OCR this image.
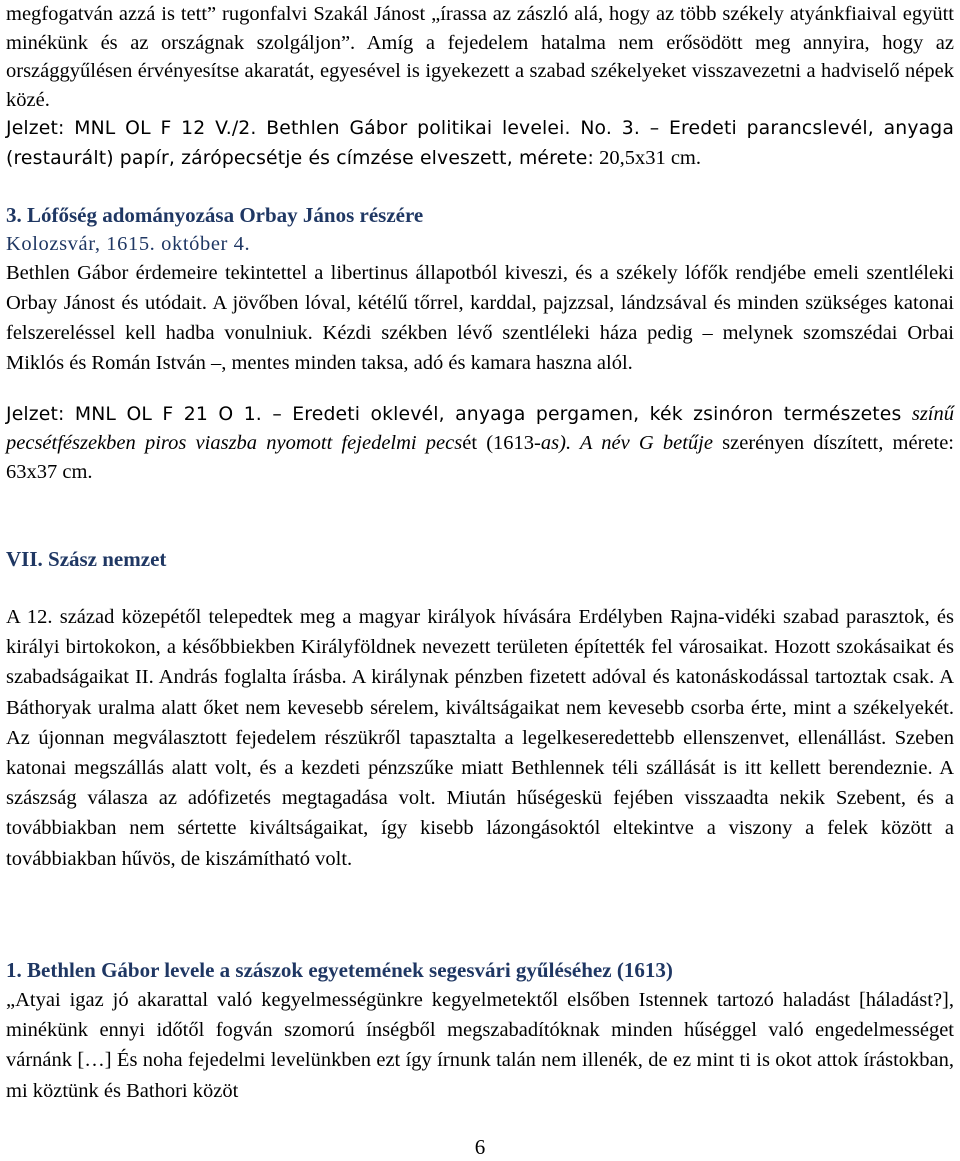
megfogatván azzá is tett” rugonfalvi Szakál Jánost „írassa az zászló alá, hogy az több székely atyánkfiaival együtt minékünk és az országnak szolgáljon”. Amíg a fejedelem hatalma nem erősödött meg annyira, hogy az országgyűlésen érvényesítse akaratát, egyesével is igyekezett a szabad székelyeket visszavezetni a hadviselő népek közé.

Jelzet: MNL OL F 12 V./2. Bethlen Gábor politikai levelei. No. 3. – Eredeti parancslevél, anyaga (restaurált) papír, zárópecsétje és címzése elveszett, mérete: 20,5x31 cm.

3. Lófőség adományozása Orbay János részére

Kolozsvár, 1615. október 4.

Bethlen Gábor érdemeire tekintettel a libertinus állapotból kiveszi, és a székely lófők rendjébe emeli szentléleki Orbay Jánost és utódait. A jövőben lóval, kétélű tőrrel, karddal, pajzzsal, lándzsával és minden szükséges katonai felszereléssel kell hadba vonulniuk. Kézdi székben lévő szentléleki háza pedig – melynek szomszédai Orbai Miklós és Román István –, mentes minden taksa, adó és kamara haszna alól.

Jelzet: MNL OL F 21 O 1. – Eredeti oklevél, anyaga pergamen, kék zsinóron természetes színű pecsétfészekben piros viaszba nyomott fejedelmi pecsét (1613-as). A név G betűje szerényen díszített, mérete: 63x37 cm.

VII. Szász nemzet

A 12. század közepétől telepedtek meg a magyar királyok hívására Erdélyben Rajna-vidéki szabad parasztok, és királyi birtokokon, a későbbiekben Királyföldnek nevezett területen építették fel városaikat. Hozott szokásaikat és szabadságaikat II. András foglalta írásba. A királynak pénzben fizetett adóval és katonáskodással tartoztak csak. A Báthoryak uralma alatt őket nem kevesebb sérelem, kiváltságaikat nem kevesebb csorba érte, mint a székelyekét. Az újonnan megválasztott fejedelem részükről tapasztalta a legelkeseredettebb ellenszenvet, ellenállást. Szeben katonai megszállás alatt volt, és a kezdeti pénzszűke miatt Bethlennek téli szállását is itt kellett berendeznie. A szászság válasza az adófizetés megtagadása volt. Miután hűségeskü fejében visszaadta nekik Szebent, és a továbbiakban nem sértette kiváltságaikat, így kisebb lázongásoktól eltekintve a viszony a felek között a továbbiakban hűvös, de kiszámítható volt.

1. Bethlen Gábor levele a szászok egyetemének segesvári gyűléséhez (1613)

„Atyai igaz jó akarattal való kegyelmességünkre kegyelmetektől elsőben Istennek tartozó haladást [háladást?], minékünk ennyi időtől fogván szomorú ínségből megszabadítóknak minden hűséggel való engedelmességet várnánk […] És noha fejedelmi levelünkben ezt így írnunk talán nem illenék, de ez mint ti is okot attok írástokban, mi köztünk és Bathori közöt

6
